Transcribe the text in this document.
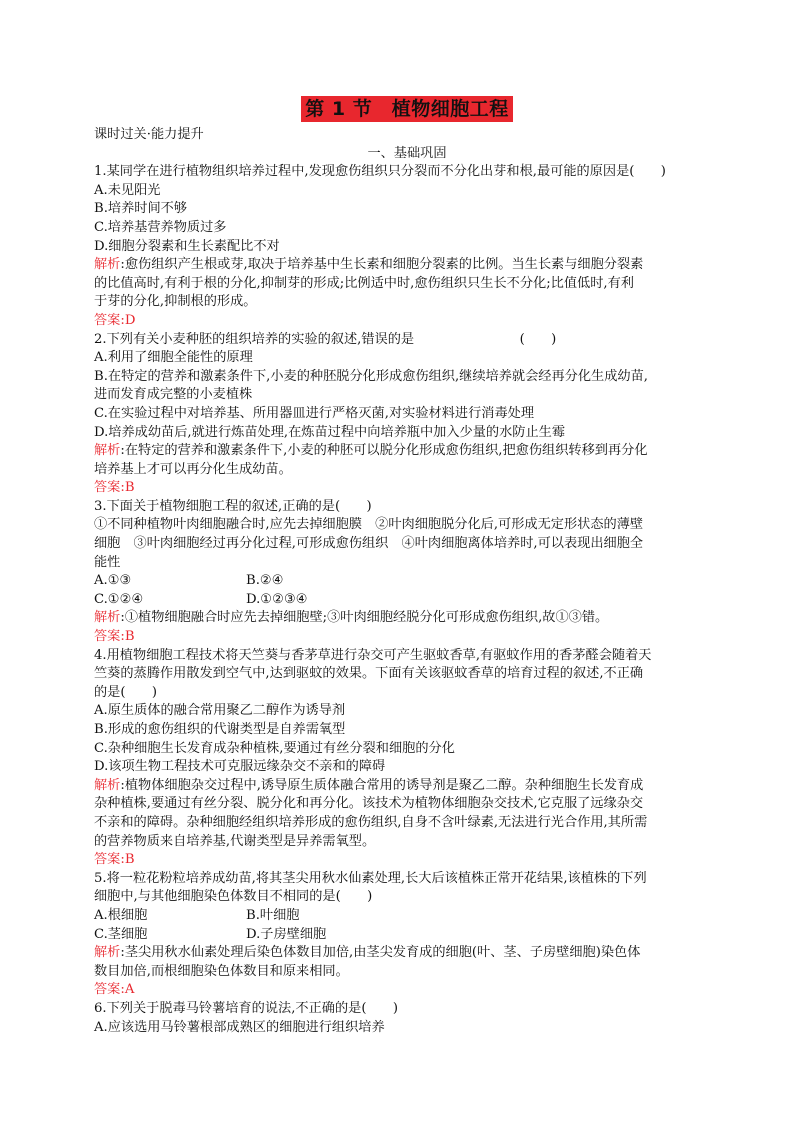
第 1 节　植物细胞工程
课时过关·能力提升
一、基础巩固
1.某同学在进行植物组织培养过程中,发现愈伤组织只分裂而不分化出芽和根,最可能的原因是(　　)
A.未见阳光
B.培养时间不够
C.培养基营养物质过多
D.细胞分裂素和生长素配比不对
解析:愈伤组织产生根或芽,取决于培养基中生长素和细胞分裂素的比例。当生长素与细胞分裂素
的比值高时,有利于根的分化,抑制芽的形成;比例适中时,愈伤组织只生长不分化;比值低时,有利
于芽的分化,抑制根的形成。
答案:D
2.下列有关小麦种胚的组织培养的实验的叙述,错误的是　　　　　　　　(　　)
A.利用了细胞全能性的原理
B.在特定的营养和激素条件下,小麦的种胚脱分化形成愈伤组织,继续培养就会经再分化生成幼苗,
进而发育成完整的小麦植株
C.在实验过程中对培养基、所用器皿进行严格灭菌,对实验材料进行消毒处理
D.培养成幼苗后,就进行炼苗处理,在炼苗过程中向培养瓶中加入少量的水防止生霉
解析:在特定的营养和激素条件下,小麦的种胚可以脱分化形成愈伤组织,把愈伤组织转移到再分化
培养基上才可以再分化生成幼苗。
答案:B
3.下面关于植物细胞工程的叙述,正确的是(　　)
①不同种植物叶肉细胞融合时,应先去掉细胞膜　②叶肉细胞脱分化后,可形成无定形状态的薄壁
细胞　③叶肉细胞经过再分化过程,可形成愈伤组织　④叶肉细胞离体培养时,可以表现出细胞全
能性
A.①③	B.②④
C.①②④	D.①②③④
解析:①植物细胞融合时应先去掉细胞壁;③叶肉细胞经脱分化可形成愈伤组织,故①③错。
答案:B
4.用植物细胞工程技术将天竺葵与香茅草进行杂交可产生驱蚊香草,有驱蚊作用的香茅醛会随着天
竺葵的蒸腾作用散发到空气中,达到驱蚊的效果。下面有关该驱蚊香草的培育过程的叙述,不正确
的是(　　)
A.原生质体的融合常用聚乙二醇作为诱导剂
B.形成的愈伤组织的代谢类型是自养需氧型
C.杂种细胞生长发育成杂种植株,要通过有丝分裂和细胞的分化
D.该项生物工程技术可克服远缘杂交不亲和的障碍
解析:植物体细胞杂交过程中,诱导原生质体融合常用的诱导剂是聚乙二醇。杂种细胞生长发育成
杂种植株,要通过有丝分裂、脱分化和再分化。该技术为植物体细胞杂交技术,它克服了远缘杂交
不亲和的障碍。杂种细胞经组织培养形成的愈伤组织,自身不含叶绿素,无法进行光合作用,其所需
的营养物质来自培养基,代谢类型是异养需氧型。
答案:B
5.将一粒花粉粒培养成幼苗,将其茎尖用秋水仙素处理,长大后该植株正常开花结果,该植株的下列
细胞中,与其他细胞染色体数目不相同的是(　　)
A.根细胞	B.叶细胞
C.茎细胞	D.子房壁细胞
解析:茎尖用秋水仙素处理后染色体数目加倍,由茎尖发育成的细胞(叶、茎、子房壁细胞)染色体
数目加倍,而根细胞染色体数目和原来相同。
答案:A
6.下列关于脱毒马铃薯培育的说法,不正确的是(　　)
A.应该选用马铃薯根部成熟区的细胞进行组织培养
